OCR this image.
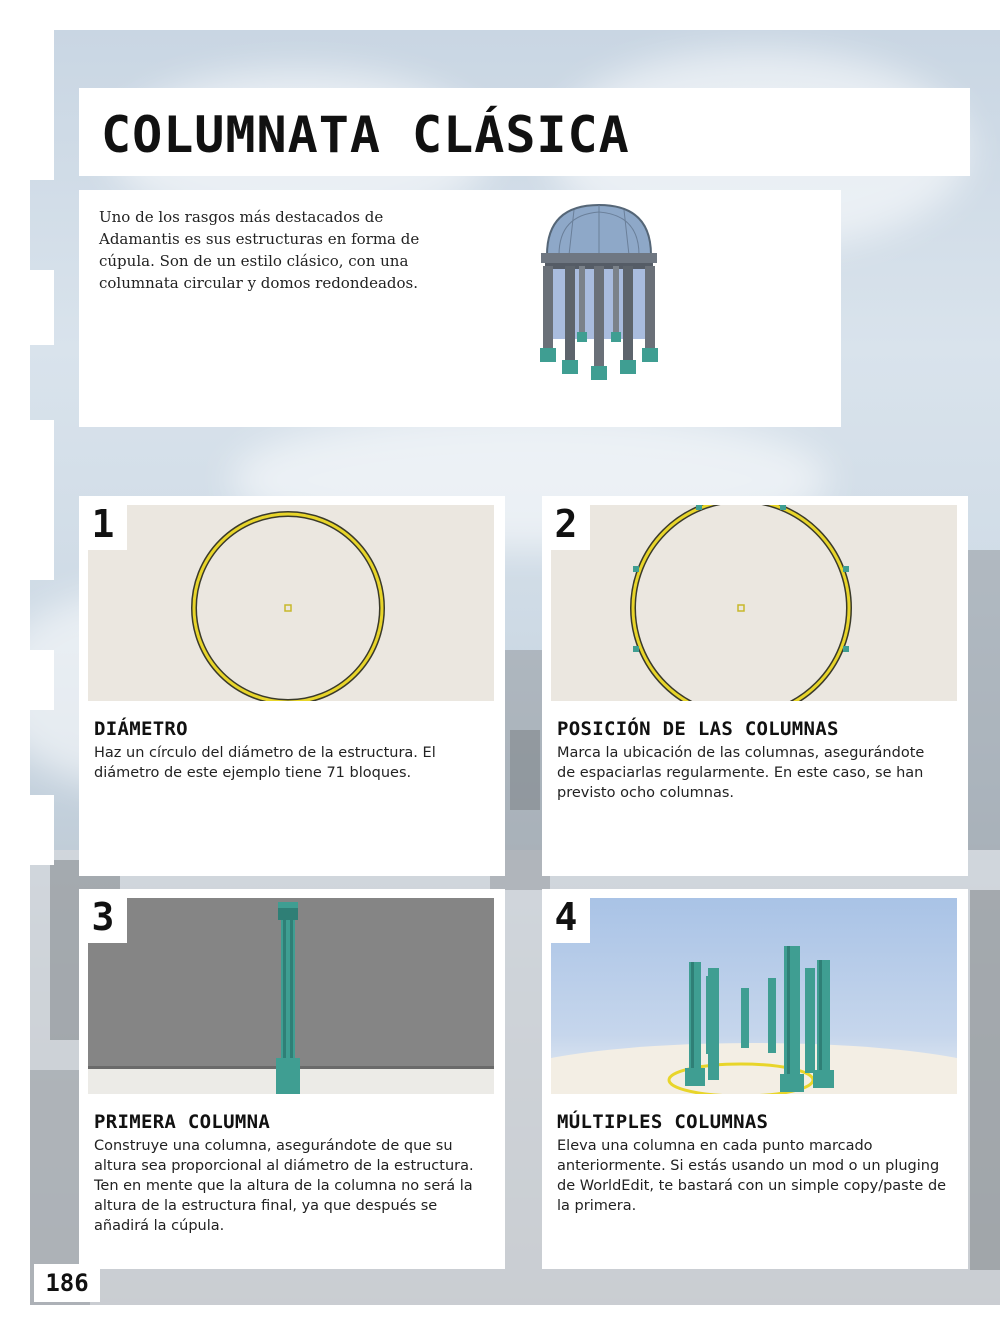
COLUMNATA CLÁSICA
Uno de los rasgos más destacados de Adamantis es sus estructuras en forma de cúpula. Son de un estilo clásico, con una columnata circular y domos redondeados.
1
DIÁMETRO
Haz un círculo del diámetro de la estructura. El diámetro de este ejemplo tiene 71 bloques.
2
POSICIÓN DE LAS COLUMNAS
Marca la ubicación de las columnas, asegurándote de espaciarlas regularmente. En este caso, se han previsto ocho columnas.
3
PRIMERA COLUMNA
Construye una columna, asegurándote de que su altura sea proporcional al diámetro de la estructura. Ten en mente que la altura de la columna no será la altura de la estructura final, ya que después se añadirá la cúpula.
4
MÚLTIPLES COLUMNAS
Eleva una columna en cada punto marcado anteriormente. Si estás usando un mod o un pluging de WorldEdit, te bastará con un simple copy/paste de la primera.
186
